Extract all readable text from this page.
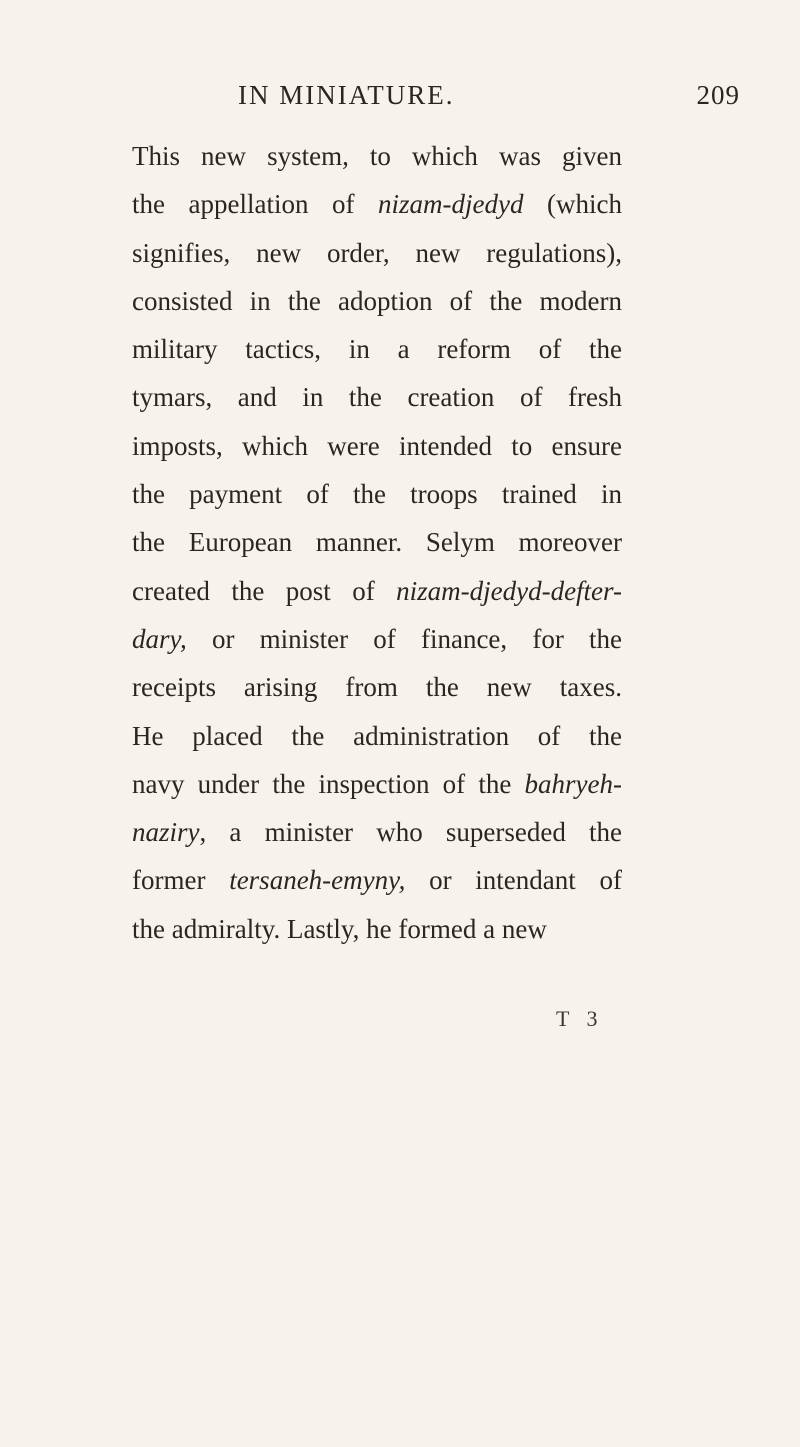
IN MINIATURE.	209
This new system, to which was given
the appellation of nizam-djedyd (which
signifies, new order, new regulations),
consisted in the adoption of the modern
military tactics, in a reform of the
tymars, and in the creation of fresh
imposts, which were intended to ensure
the payment of the troops trained in
the European manner. Selym moreover
created the post of nizam-djedyd-defter-
dary, or minister of finance, for the
receipts arising from the new taxes.
He placed the administration of the
navy under the inspection of the bahryeh-
naziry, a minister who superseded the
former tersaneh-emyny, or intendant of
the admiralty. Lastly, he formed a new
T 3
